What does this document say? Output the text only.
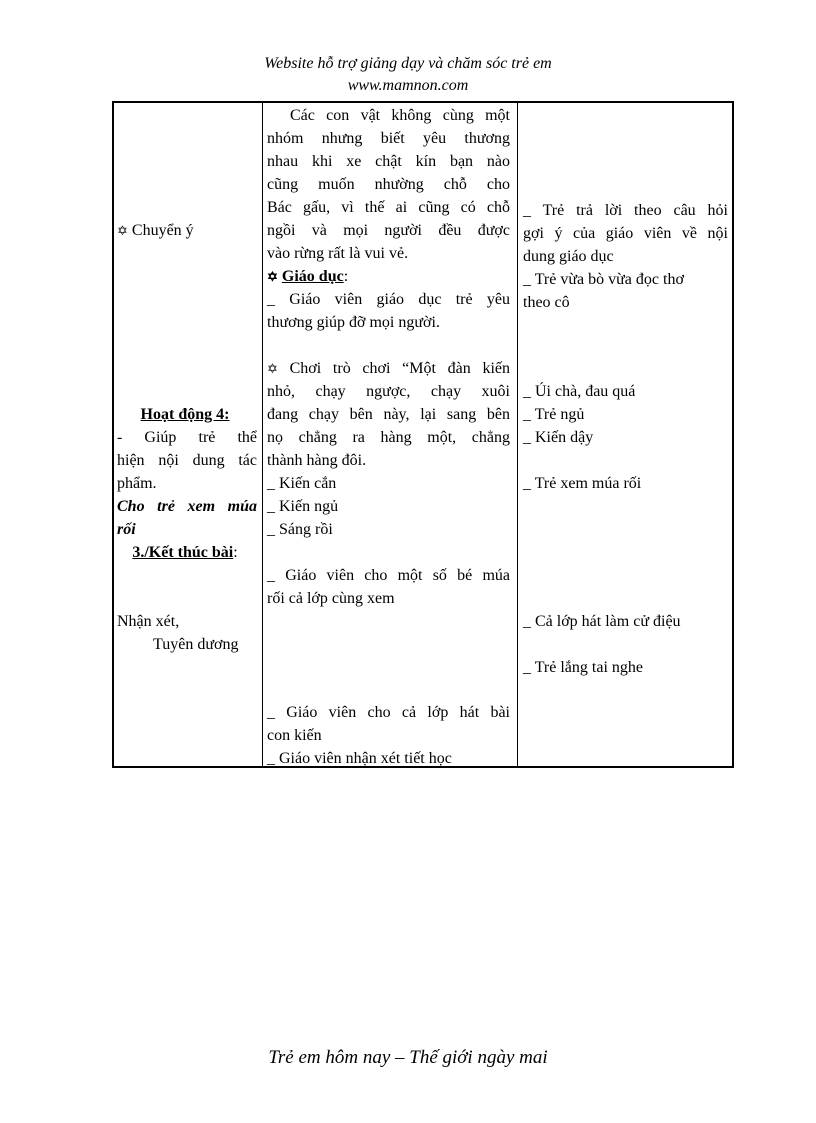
Website hỗ trợ giảng dạy và chăm sóc trẻ em
www.mamnon.com
✡ Chuyển ý
Hoạt động 4:
- Giúp trẻ thể
hiện nội dung tác
phẩm.
Cho trẻ xem múa
rối
3./Kết thúc bài:
Nhận xét,
Tuyên dương
Các con vật không cùng một
nhóm nhưng biết yêu thương
nhau khi xe chật kín bạn nào
cũng muốn nhường chỗ cho
Bác gấu, vì thế ai cũng có chỗ
ngồi và mọi người đều được
vào rừng rất là vui vẻ.
✡ Giáo dục:
_ Giáo viên giáo dục trẻ yêu
thương giúp đỡ mọi người.
✡ Chơi trò chơi “Một đàn kiến
nhỏ, chạy ngược, chạy xuôi
đang chạy bên này, lại sang bên
nọ chẳng ra hàng một, chẳng
thành hàng đôi.
_ Kiến cắn
_ Kiến ngủ
_ Sáng rồi
_ Giáo viên cho một số bé múa
rối cả lớp cùng xem
_ Giáo viên cho cả lớp hát bài
con kiến
_ Giáo viên nhận xét tiết học
_ Trẻ trả lời theo câu hỏi
gợi ý của giáo viên về nội
dung giáo dục
_ Trẻ vừa bò vừa đọc thơ
theo cô
_ Úi chà, đau quá
_ Trẻ ngủ
_ Kiến dậy
_ Trẻ xem múa rối
_ Cả lớp hát làm cử điệu
_ Trẻ lắng tai nghe
Trẻ em hôm nay – Thế giới ngày mai
